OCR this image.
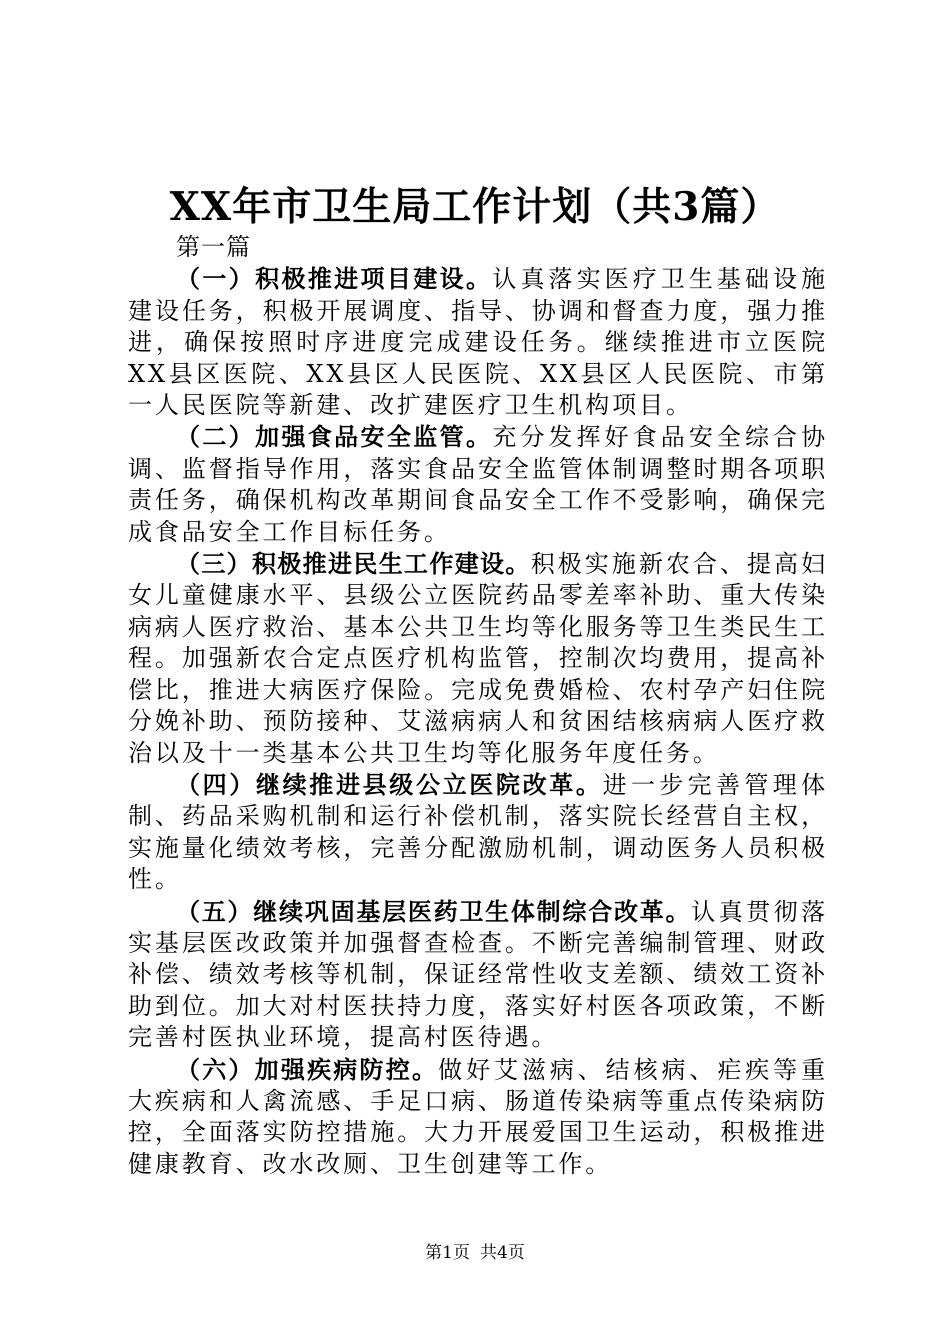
XX年市卫生局工作计划（共3篇）
第一篇

（一）积极推进项目建设。认真落实医疗卫生基础设施建设任务，积极开展调度、指导、协调和督查力度，强力推进，确保按照时序进度完成建设任务。继续推进市立医院XX县区医院、XX县区人民医院、XX县区人民医院、市第一人民医院等新建、改扩建医疗卫生机构项目。

（二）加强食品安全监管。充分发挥好食品安全综合协调、监督指导作用，落实食品安全监管体制调整时期各项职责任务，确保机构改革期间食品安全工作不受影响，确保完成食品安全工作目标任务。

（三）积极推进民生工作建设。积极实施新农合、提高妇女儿童健康水平、县级公立医院药品零差率补助、重大传染病病人医疗救治、基本公共卫生均等化服务等卫生类民生工程。加强新农合定点医疗机构监管，控制次均费用，提高补偿比，推进大病医疗保险。完成免费婚检、农村孕产妇住院分娩补助、预防接种、艾滋病病人和贫困结核病病人医疗救治以及十一类基本公共卫生均等化服务年度任务。

（四）继续推进县级公立医院改革。进一步完善管理体制、药品采购机制和运行补偿机制，落实院长经营自主权，实施量化绩效考核，完善分配激励机制，调动医务人员积极性。

（五）继续巩固基层医药卫生体制综合改革。认真贯彻落实基层医改政策并加强督查检查。不断完善编制管理、财政补偿、绩效考核等机制，保证经常性收支差额、绩效工资补助到位。加大对村医扶持力度，落实好村医各项政策，不断完善村医执业环境，提高村医待遇。

（六）加强疾病防控。做好艾滋病、结核病、疟疾等重大疾病和人禽流感、手足口病、肠道传染病等重点传染病防控，全面落实防控措施。大力开展爱国卫生运动，积极推进健康教育、改水改厕、卫生创建等工作。

第1页 共4页
